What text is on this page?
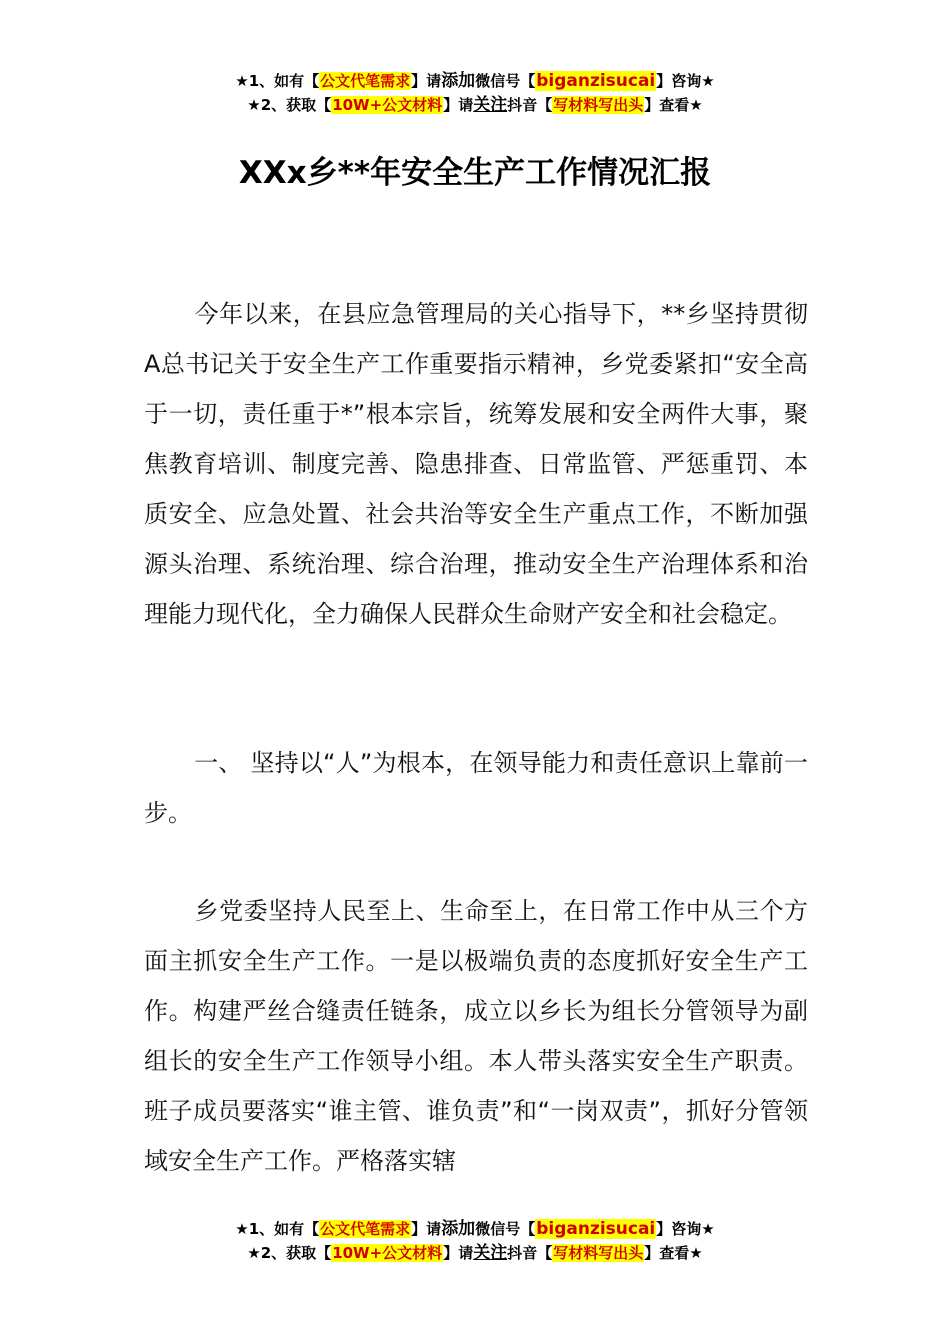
★1、如有【公文代笔需求】请添加微信号【biganzisucai】咨询★
★2、获取【10W+公文材料】请关注抖音【写材料写出头】查看★
XXx乡**年安全生产工作情况汇报

今年以来，在县应急管理局的关心指导下，**乡坚持贯彻A总书记关于安全生产工作重要指示精神，乡党委紧扣“安全高于一切，责任重于*”根本宗旨，统筹发展和安全两件大事，聚焦教育培训、制度完善、隐患排查、日常监管、严惩重罚、本质安全、应急处置、社会共治等安全生产重点工作，不断加强源头治理、系统治理、综合治理，推动安全生产治理体系和治理能力现代化，全力确保人民群众生命财产安全和社会稳定。

一、 坚持以“人”为根本，在领导能力和责任意识上靠前一步。

乡党委坚持人民至上、生命至上，在日常工作中从三个方面主抓安全生产工作。一是以极端负责的态度抓好安全生产工作。构建严丝合缝责任链条，成立以乡长为组长分管领导为副组长的安全生产工作领导小组。本人带头落实安全生产职责。班子成员要落实“谁主管、谁负责”和“一岗双责”，抓好分管领域安全生产工作。严格落实辖

★1、如有【公文代笔需求】请添加微信号【biganzisucai】咨询★
★2、获取【10W+公文材料】请关注抖音【写材料写出头】查看★
